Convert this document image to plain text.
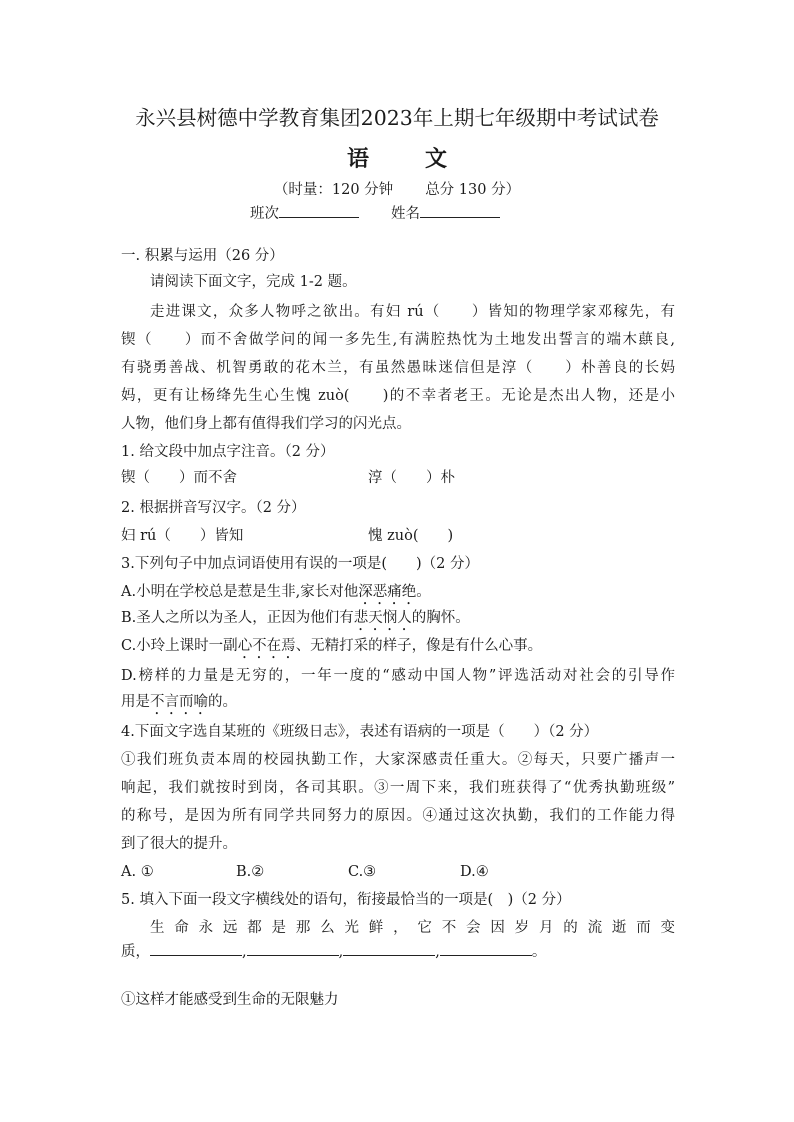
永兴县树德中学教育集团2023年上期七年级期中考试试卷
语	文
（时量：120 分钟 总分 130 分）
班次	姓名
一. 积累与运用（26 分）
请阅读下面文字，完成 1-2 题。
走进课文，众多人物呼之欲出。有妇 rú（　　）皆知的物理学家邓稼先，有
锲（　　）而不舍做学问的闻一多先生,有满腔热忱为土地发出誓言的端木蕻良,
有骁勇善战、机智勇敢的花木兰，有虽然愚昧迷信但是淳（　　）朴善良的长妈
妈，更有让杨绛先生心生愧 zuò(　　)的不幸者老王。无论是杰出人物，还是小
人物，他们身上都有值得我们学习的闪光点。
1. 给文段中加点字注音。（2 分）
锲（　　）而不舍	淳（　　）朴
2. 根据拼音写汉字。（2 分）
妇 rú（　　）皆知	愧 zuò(　　)
3.下列句子中加点词语使用有误的一项是(　　)（2 分）
A.小明在学校总是惹是生非,家长对他深恶痛绝。
B.圣人之所以为圣人，正因为他们有悲天悯人的胸怀。
C.小玲上课时一副心不在焉、无精打采的样子，像是有什么心事。
D.榜样的力量是无穷的，一年一度的“感动中国人物”评选活动对社会的引导作
用是不言而喻的。
4.下面文字选自某班的《班级日志》，表述有语病的一项是（　　）（2 分）
①我们班负责本周的校园执勤工作，大家深感责任重大。②每天，只要广播声一
响起，我们就按时到岗，各司其职。③一周下来，我们班获得了“优秀执勤班级”
的称号，是因为所有同学共同努力的原因。④通过这次执勤，我们的工作能力得
到了很大的提升。
A. ①	B.②	C.③	D.④
5. 填入下面一段文字横线处的语句，衔接最恰当的一项是(　)（2 分）
生命永远都是那么光鲜，它不会因岁月的流逝而变
质，	,	,	,	。
①这样才能感受到生命的无限魅力
